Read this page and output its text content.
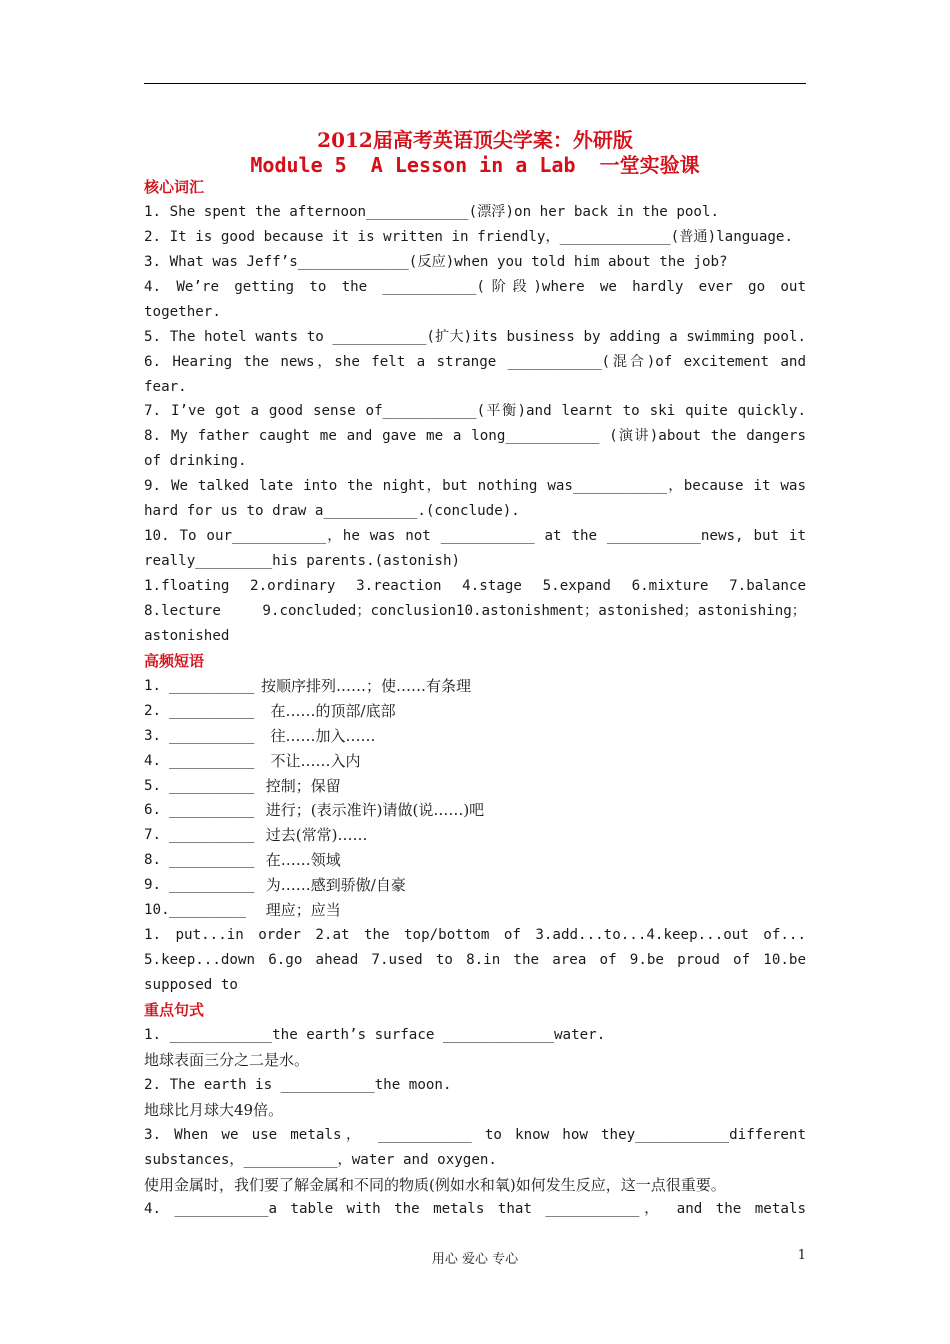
2012届高考英语顶尖学案：外研版
Module 5  A Lesson in a Lab  一堂实验课
核心词汇
1. She spent the afternoon____________(漂浮)on her back in the pool.
2. It is good because it is written in friendly，_____________(普通)language.
3. What was Jeff’s_____________(反应)when you told him about the job?
4. We’re getting to the ___________(阶段)where we hardly ever go out
together.
5. The hotel wants to ___________(扩大)its business by adding a swimming pool.
6. Hearing the news，she felt a strange ___________(混合)of excitement and
fear.
7. I’ve got a good sense of___________(平衡)and learnt to ski quite quickly.
8. My father caught me and gave me a long___________ (演讲)about the dangers
of drinking.
9. We talked late into the night，but nothing was___________，because it was
hard for us to draw a___________.(conclude).
10. To our___________，he was not ___________ at the ___________news, but it
really_________his parents.(astonish)
1.floating 2.ordinary 3.reaction 4.stage 5.expand 6.mixture 7.balance
8.lecture 9.concluded；conclusion10.astonishment；astonished；astonishing；
astonished
高频短语
1. __________ 按顺序排列……；使……有条理
2. __________ 在……的顶部/底部
3. __________ 往……加入……
4. __________ 不让……入内
5. __________ 控制；保留
6. __________ 进行；(表示准许)请做(说……)吧
7. __________ 过去(常常)……
8. __________ 在……领域
9. __________ 为……感到骄傲/自豪
10. _________	理应；应当
1. put...in order 2.at the top/bottom of 3.add...to...4.keep...out of...
5.keep...down 6.go ahead 7.used to 8.in the area of 9.be proud of 10.be
supposed to
重点句式
1. ____________the earth’s surface _____________water.
地球表面三分之二是水。
2. The earth is ___________the moon.
地球比月球大49倍。
3. When we use metals， ___________ to know how they___________different
substances，___________，water and oxygen.
使用金属时，我们要了解金属和不同的物质(例如水和氧)如何发生反应，这一点很重要。
4. ___________a table with the metals that ___________， and the metals
用心 爱心 专心	1
